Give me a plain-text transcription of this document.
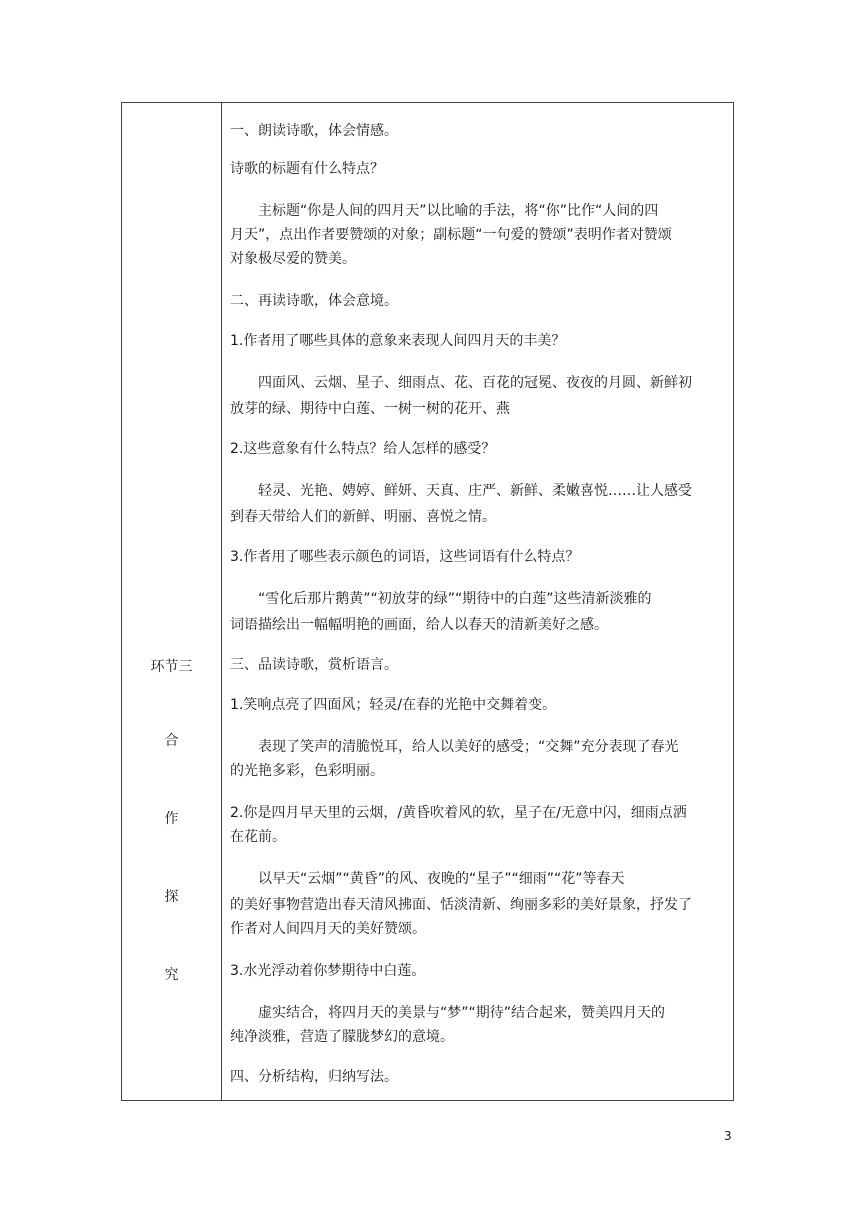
环节三
合
作
探
究
一、朗读诗歌，体会情感。
诗歌的标题有什么特点？
主标题“你是人间的四月天”以比喻的手法，将“你”比作“人间的四
月天”，点出作者要赞颂的对象；副标题“一句爱的赞颂”表明作者对赞颂
对象极尽爱的赞美。
二、再读诗歌，体会意境。
1.作者用了哪些具体的意象来表现人间四月天的丰美？
四面风、云烟、星子、细雨点、花、百花的冠冕、夜夜的月圆、新鲜初
放芽的绿、期待中白莲、一树一树的花开、燕
2.这些意象有什么特点？给人怎样的感受？
轻灵、光艳、娉婷、鲜妍、天真、庄严、新鲜、柔嫩喜悦……让人感受
到春天带给人们的新鲜、明丽、喜悦之情。
3.作者用了哪些表示颜色的词语，这些词语有什么特点？
“雪化后那片鹅黄”“初放芽的绿”“期待中的白莲”这些清新淡雅的
词语描绘出一幅幅明艳的画面，给人以春天的清新美好之感。
三、品读诗歌，赏析语言。
1.笑响点亮了四面风；轻灵/在春的光艳中交舞着变。
表现了笑声的清脆悦耳，给人以美好的感受；“交舞”充分表现了春光
的光艳多彩，色彩明丽。
2.你是四月早天里的云烟，/黄昏吹着风的软，星子在/无意中闪，细雨点洒
在花前。
以早天“云烟”“黄昏”的风、夜晚的“星子”“细雨”“花”等春天
的美好事物营造出春天清风拂面、恬淡清新、绚丽多彩的美好景象，抒发了
作者对人间四月天的美好赞颂。
3.水光浮动着你梦期待中白莲。
虚实结合，将四月天的美景与“梦”“期待”结合起来，赞美四月天的
纯净淡雅，营造了朦胧梦幻的意境。
四、分析结构，归纳写法。
3
